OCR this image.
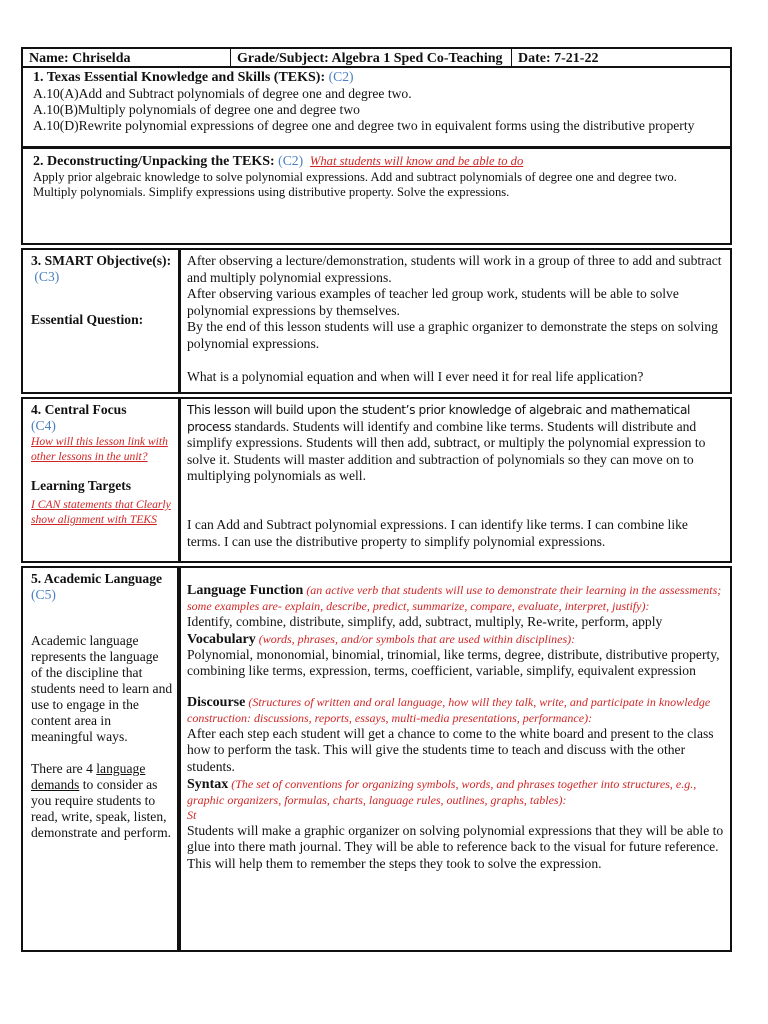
Name: Chriselda	Grade/Subject: Algebra 1 Sped Co-Teaching	Date: 7-21-22
1. Texas Essential Knowledge and Skills (TEKS): (C2)
A.10(A)Add and Subtract polynomials of degree one and degree two.
A.10(B)Multiply polynomials of degree one and degree two
A.10(D)Rewrite polynomial expressions of degree one and degree two in equivalent forms using the distributive property
2. Deconstructing/Unpacking the TEKS: (C2) What students will know and be able to do
Apply prior algebraic knowledge to solve polynomial expressions. Add and subtract polynomials of degree one and degree two. Multiply polynomials. Simplify expressions using distributive property. Solve the expressions.
3. SMART Objective(s):  (C3)
Essential Question:

After observing a lecture/demonstration, students will work in a group of three to add and subtract and multiply polynomial expressions.

After observing various examples of teacher led group work, students will be able to solve polynomial expressions by themselves.

By the end of this lesson students will use a graphic organizer to demonstrate the steps on solving polynomial expressions.

What is a polynomial equation and when will I ever need it for real life application?

4. Central Focus
(C4)
How will this lesson link with other lessons in the unit?
Learning Targets
I CAN statements that Clearly show alignment with TEKS

This lesson will build upon the student’s prior knowledge of algebraic and mathematical process standards. Students will identify and combine like terms. Students will distribute and simplify expressions. Students will then add, subtract, or multiply the polynomial expression to solve it. Students will master addition and subtraction of polynomials so they can move on to multiplying polynomials as well.

I can Add and Subtract polynomial expressions. I can identify like terms. I can combine like terms. I can use the distributive property to simplify polynomial expressions.

5. Academic Language
(C5)

Academic language represents the language of the discipline that students need to learn and use to engage in the content area in meaningful ways.

There are 4 language demands to consider as you require students to read, write, speak, listen, demonstrate and perform.

Language Function (an active verb that students will use to demonstrate their learning in the assessments; some examples are- explain, describe, predict, summarize, compare, evaluate, interpret, justify):

Identify, combine, distribute, simplify, add, subtract, multiply, Re-write, perform, apply

Vocabulary (words, phrases, and/or symbols that are used within disciplines):

Polynomial, mononomial, binomial, trinomial, like terms, degree, distribute, distributive property, combining like terms, expression, terms, coefficient, variable, simplify, equivalent expression

Discourse (Structures of written and oral language, how will they talk, write, and participate in knowledge construction: discussions, reports, essays, multi-media presentations, performance):

After each step each student will get a chance to come to the white board and present to the class how to perform the task. This will give the students time to teach and discuss with the other students.

Syntax (The set of conventions for organizing symbols, words, and phrases together into structures, e.g., graphic organizers, formulas, charts, language rules, outlines, graphs, tables):

St

Students will make a graphic organizer on solving polynomial expressions that they will be able to glue into there math journal. They will be able to reference back to the visual for future reference. This will help them to remember the steps they took to solve the expression.
